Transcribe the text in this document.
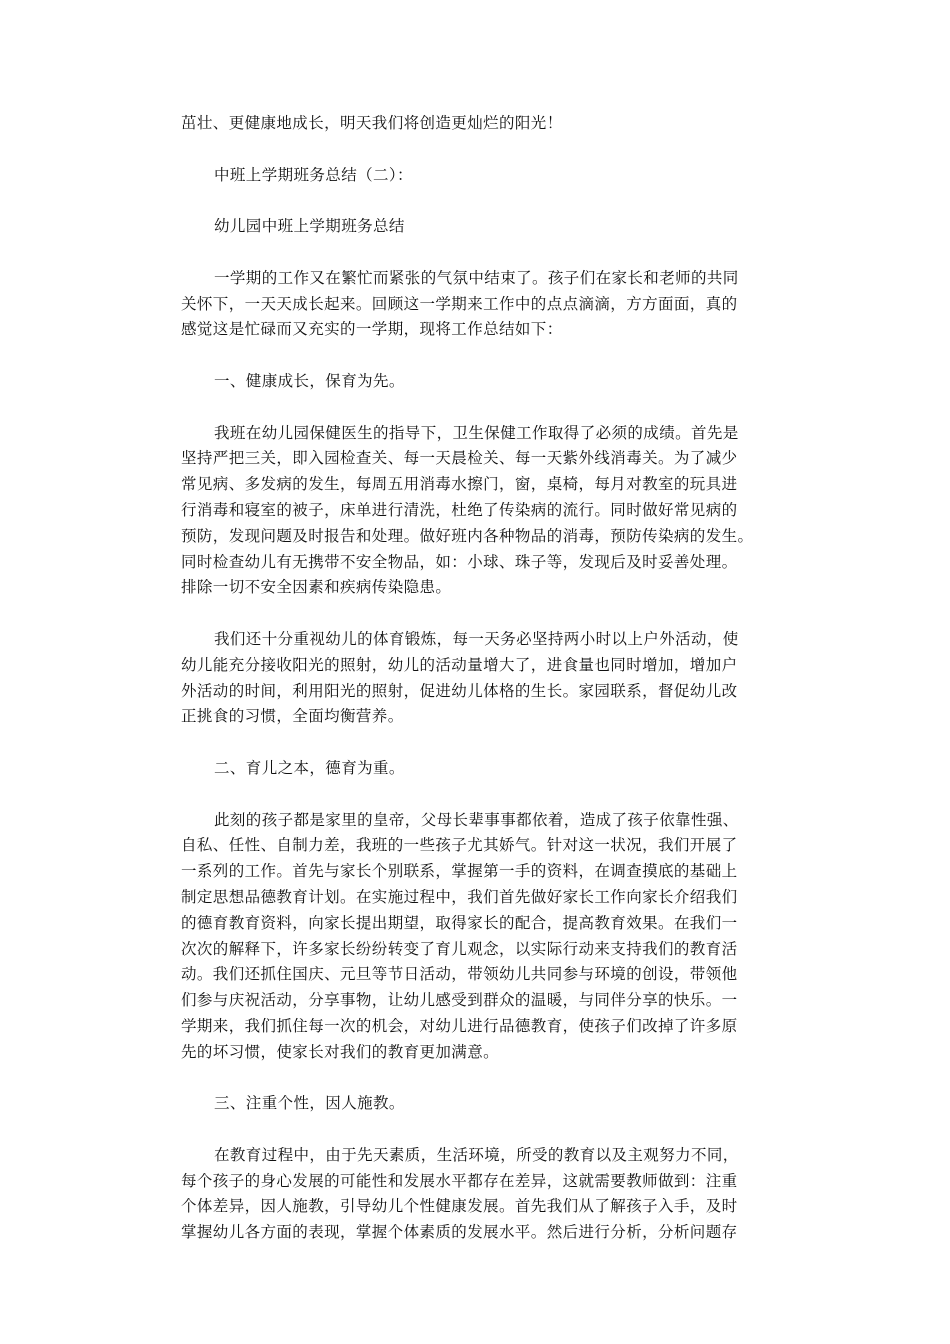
茁壮、更健康地成长，明天我们将创造更灿烂的阳光！

中班上学期班务总结（二）：

幼儿园中班上学期班务总结

一学期的工作又在繁忙而紧张的气氛中结束了。孩子们在家长和老师的共同

关怀下，一天天成长起来。回顾这一学期来工作中的点点滴滴，方方面面，真的

感觉这是忙碌而又充实的一学期，现将工作总结如下：

一、健康成长，保育为先。

我班在幼儿园保健医生的指导下，卫生保健工作取得了必须的成绩。首先是

坚持严把三关，即入园检查关、每一天晨检关、每一天紫外线消毒关。为了减少

常见病、多发病的发生，每周五用消毒水擦门，窗，桌椅，每月对教室的玩具进

行消毒和寝室的被子，床单进行清洗，杜绝了传染病的流行。同时做好常见病的

预防，发现问题及时报告和处理。做好班内各种物品的消毒，预防传染病的发生。

同时检查幼儿有无携带不安全物品，如：小球、珠子等，发现后及时妥善处理。

排除一切不安全因素和疾病传染隐患。

我们还十分重视幼儿的体育锻炼，每一天务必坚持两小时以上户外活动，使

幼儿能充分接收阳光的照射，幼儿的活动量增大了，进食量也同时增加，增加户

外活动的时间，利用阳光的照射，促进幼儿体格的生长。家园联系，督促幼儿改

正挑食的习惯，全面均衡营养。

二、育儿之本，德育为重。

此刻的孩子都是家里的皇帝，父母长辈事事都依着，造成了孩子依靠性强、

自私、任性、自制力差，我班的一些孩子尤其娇气。针对这一状况，我们开展了

一系列的工作。首先与家长个别联系，掌握第一手的资料，在调查摸底的基础上

制定思想品德教育计划。在实施过程中，我们首先做好家长工作向家长介绍我们

的德育教育资料，向家长提出期望，取得家长的配合，提高教育效果。在我们一

次次的解释下，许多家长纷纷转变了育儿观念，以实际行动来支持我们的教育活

动。我们还抓住国庆、元旦等节日活动，带领幼儿共同参与环境的创设，带领他

们参与庆祝活动，分享事物，让幼儿感受到群众的温暖，与同伴分享的快乐。一

学期来，我们抓住每一次的机会，对幼儿进行品德教育，使孩子们改掉了许多原

先的坏习惯，使家长对我们的教育更加满意。

三、注重个性，因人施教。

在教育过程中，由于先天素质，生活环境，所受的教育以及主观努力不同，

每个孩子的身心发展的可能性和发展水平都存在差异，这就需要教师做到：注重

个体差异，因人施教，引导幼儿个性健康发展。首先我们从了解孩子入手，及时

掌握幼儿各方面的表现，掌握个体素质的发展水平。然后进行分析，分析问题存
